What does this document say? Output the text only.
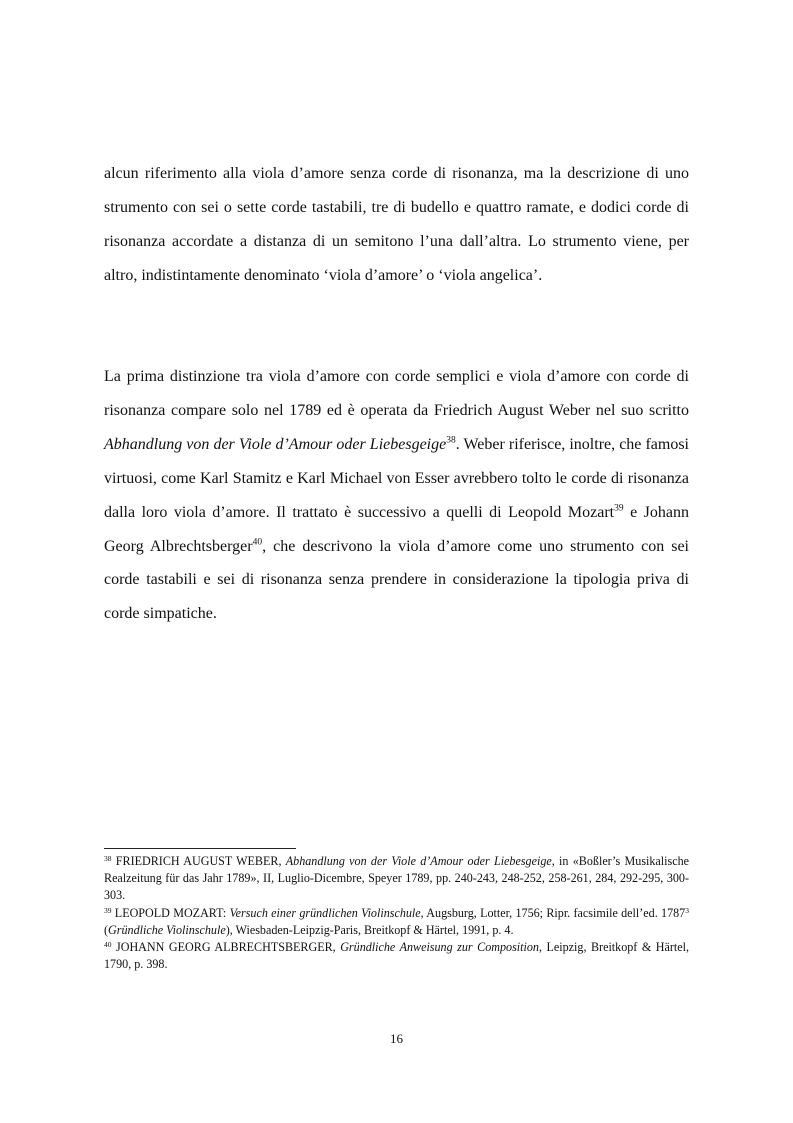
alcun riferimento alla viola d’amore senza corde di risonanza, ma la descrizione di uno strumento con sei o sette corde tastabili, tre di budello e quattro ramate, e dodici corde di risonanza accordate a distanza di un semitono l’una dall’altra. Lo strumento viene, per altro, indistintamente denominato ‘viola d’amore’ o ‘viola angelica’.

La prima distinzione tra viola d’amore con corde semplici e viola d’amore con corde di risonanza compare solo nel 1789 ed è operata da Friedrich August Weber nel suo scritto Abhandlung von der Viole d’Amour oder Liebesgeige$^{38}$. Weber riferisce, inoltre, che famosi virtuosi, come Karl Stamitz e Karl Michael von Esser avrebbero tolto le corde di risonanza dalla loro viola d’amore. Il trattato è successivo a quelli di Leopold Mozart$^{39}$ e Johann Georg Albrechtsberger$^{40}$, che descrivono la viola d’amore come uno strumento con sei corde tastabili e sei di risonanza senza prendere in considerazione la tipologia priva di corde simpatiche.

$^{38}$ FRIEDRICH AUGUST WEBER, Abhandlung von der Viole d’Amour oder Liebesgeige, in «Boßler’s Musikalische Realzeitung für das Jahr 1789», II, Luglio-Dicembre, Speyer 1789, pp. 240-243, 248-252, 258-261, 284, 292-295, 300-303.

$^{39}$ LEOPOLD MOZART: Versuch einer gründlichen Violinschule, Augsburg, Lotter, 1756; Ripr. facsimile dell’ed. 1787$^3$ (Gründliche Violinschule), Wiesbaden-Leipzig-Paris, Breitkopf & Härtel, 1991, p. 4.

$^{40}$ JOHANN GEORG ALBRECHTSBERGER, Gründliche Anweisung zur Composition, Leipzig, Breitkopf & Härtel, 1790, p. 398.

16
